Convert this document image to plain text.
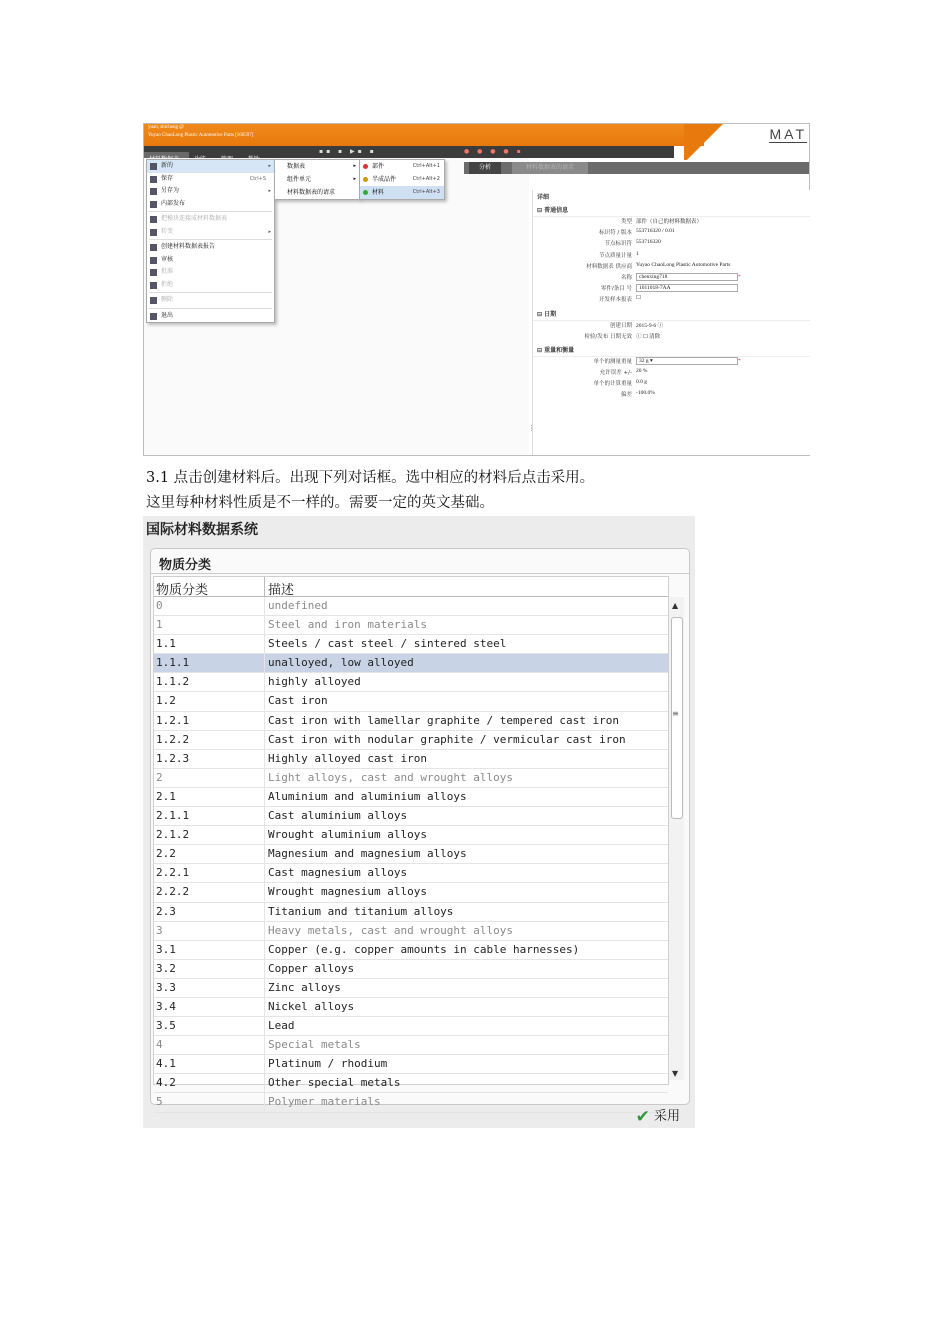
yuan, shicheng @
Yuyao ChaoLong Plastic Automotive Parts [166597]	MAT
▪▪ ▪ ▶▪ ▪	● ● ● ● ▪
分析	材料数据表的请求
新的	▸
保存	Ctrl+S
另存为	▸
内部发布
把模块连接成材料数据表
转变	▸
创建材料数据表报告
审核
批准
拒绝
删除
退出
数据表	▸
组件单元	▸
材料数据表的请求
部件	Ctrl+Alt+1
半成品件	Ctrl+Alt+2
材料	Ctrl+Alt+3
详细
⊟ 普通信息
类型 部件（自己的材料数据表）
标识符 / 版本 553716320 / 0.01
节点标识符 553716320
节点质量计量 1
材料数据表 供应商 Yuyao ChaoLong Plastic Automotive Parts
名称	chenxing718	*
零件/条目 号	1011018-7AA
开发样本报表 ☐
⊟ 日期
创建日期 2015-9-6 ⓘ
检验/发布 日期无效 ⓘ ☐ 清除
⊟ 重量和衡量
单个的测量重量	32 g ▾	*
允许误差 +/- 20 %
单个的计算重量 0.0 g
偏差 -100.0%
⋮
3.1 点击创建材料后。出现下列对话框。选中相应的材料后点击采用。
这里每种材料性质是不一样的。需要一定的英文基础。
国际材料数据系统
物质分类
物质分类	描述
0	undefined
1	Steel and iron materials
1.1	Steels / cast steel / sintered steel
1.1.1	unalloyed, low alloyed
1.1.2	highly alloyed
1.2	Cast iron
1.2.1	Cast iron with lamellar graphite / tempered cast iron
1.2.2	Cast iron with nodular graphite / vermicular cast iron
1.2.3	Highly alloyed cast iron
2	Light alloys, cast and wrought alloys
2.1	Aluminium and aluminium alloys
2.1.1	Cast aluminium alloys
2.1.2	Wrought aluminium alloys
2.2	Magnesium and magnesium alloys
2.2.1	Cast magnesium alloys
2.2.2	Wrought magnesium alloys
2.3	Titanium and titanium alloys
3	Heavy metals, cast and wrought alloys
3.1	Copper (e.g. copper amounts in cable harnesses)
3.2	Copper alloys
3.3	Zinc alloys
3.4	Nickel alloys
3.5	Lead
4	Special metals
4.1	Platinum / rhodium
4.2	Other special metals
5	Polymer materials
▲
≡
▼
✔ 采用
